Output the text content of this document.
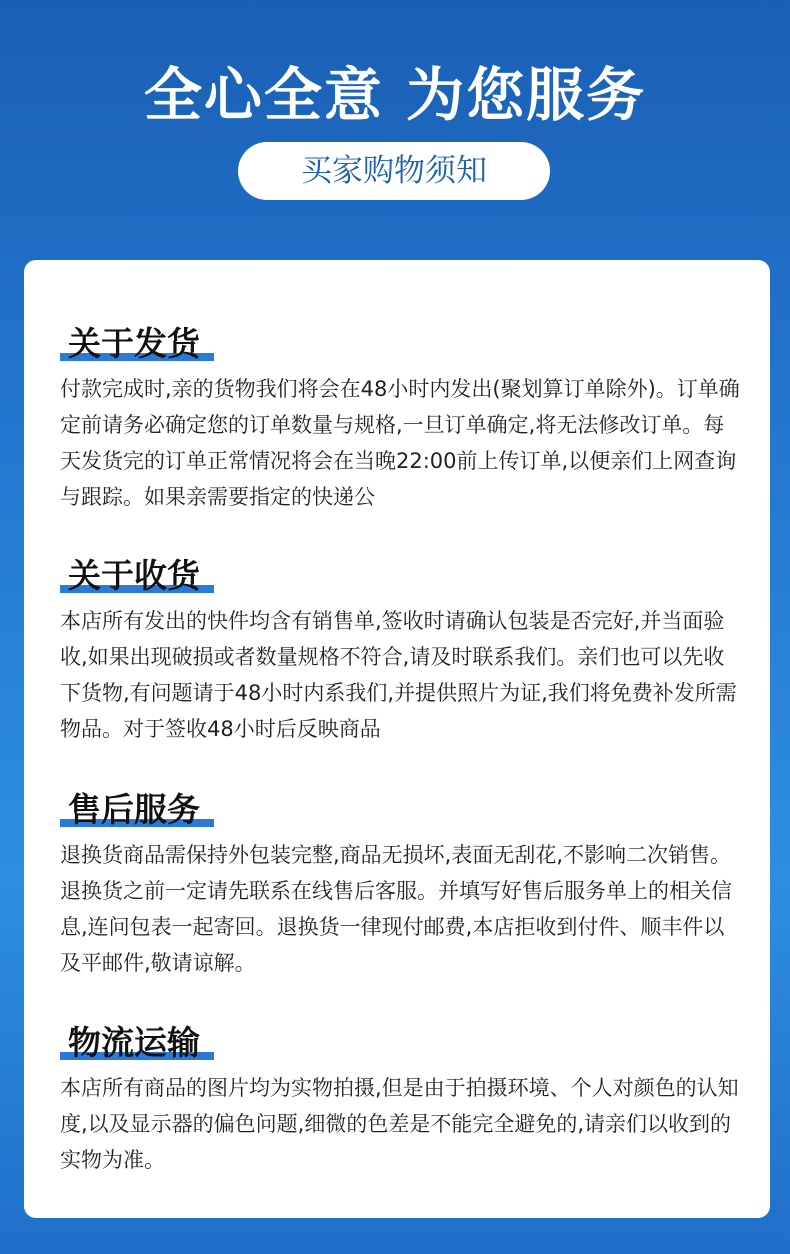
全心全意 为您服务
买家购物须知
关于发货
付款完成时,亲的货物我们将会在48小时内发出(聚划算订单除外)。订单确定前请务必确定您的订单数量与规格,一旦订单确定,将无法修改订单。每天发货完的订单正常情况将会在当晚22:00前上传订单,以便亲们上网查询与跟踪。如果亲需要指定的快递公
关于收货
本店所有发出的快件均含有销售单,签收时请确认包装是否完好,并当面验收,如果出现破损或者数量规格不符合,请及时联系我们。亲们也可以先收下货物,有问题请于48小时内系我们,并提供照片为证,我们将免费补发所需物品。对于签收48小时后反映商品
售后服务
退换货商品需保持外包装完整,商品无损坏,表面无刮花,不影响二次销售。退换货之前一定请先联系在线售后客服。并填写好售后服务单上的相关信息,连问包表一起寄回。退换货一律现付邮费,本店拒收到付件、顺丰件以及平邮件,敬请谅解。
物流运输
本店所有商品的图片均为实物拍摄,但是由于拍摄环境、个人对颜色的认知度,以及显示器的偏色问题,细微的色差是不能完全避免的,请亲们以收到的实物为准。
